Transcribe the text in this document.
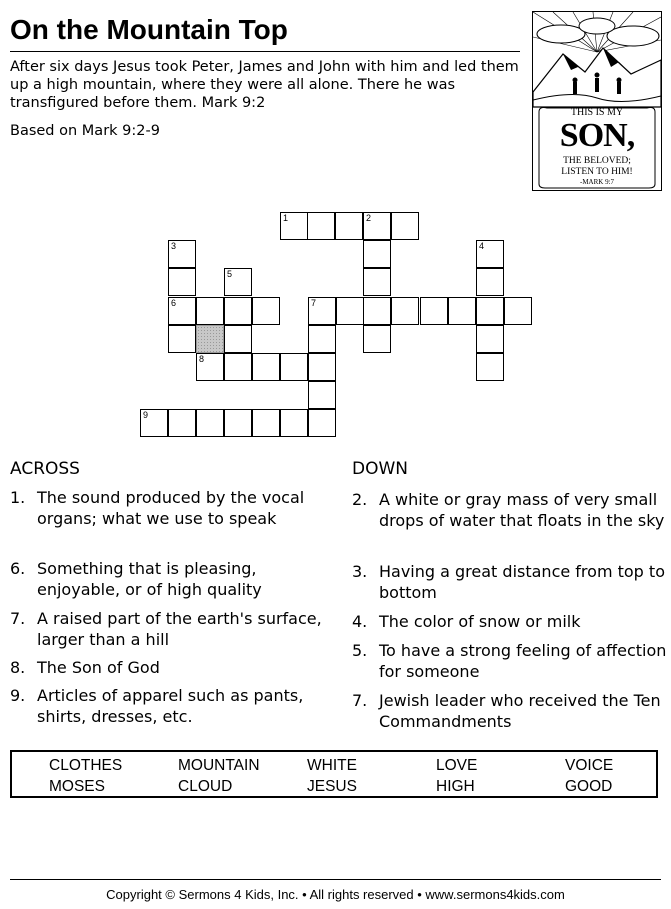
On the Mountain Top
After six days Jesus took Peter, James and John with him and led them up a high mountain, where they were all alone. There he was transfigured before them. Mark 9:2
Based on Mark 9:2-9
THIS IS MY
SON,
THE BELOVED;
LISTEN TO HIM!
-MARK 9:7
1	2
3	4
5
6	7
8
9
ACROSS	DOWN
1. The sound produced by the vocal organs; what we use to speak
6. Something that is pleasing, enjoyable, or of high quality
7. A raised part of the earth's surface, larger than a hill
8. The Son of God
9. Articles of apparel such as pants, shirts, dresses, etc.
2. A white or gray mass of very small drops of water that floats in the sky
3. Having a great distance from top to bottom
4. The color of snow or milk
5. To have a strong feeling of affection for someone
7. Jewish leader who received the Ten Commandments
CLOTHES	MOUNTAIN	WHITE	LOVE	VOICE
MOSES	CLOUD	JESUS	HIGH	GOOD
Copyright © Sermons 4 Kids, Inc. • All rights reserved • www.sermons4kids.com
